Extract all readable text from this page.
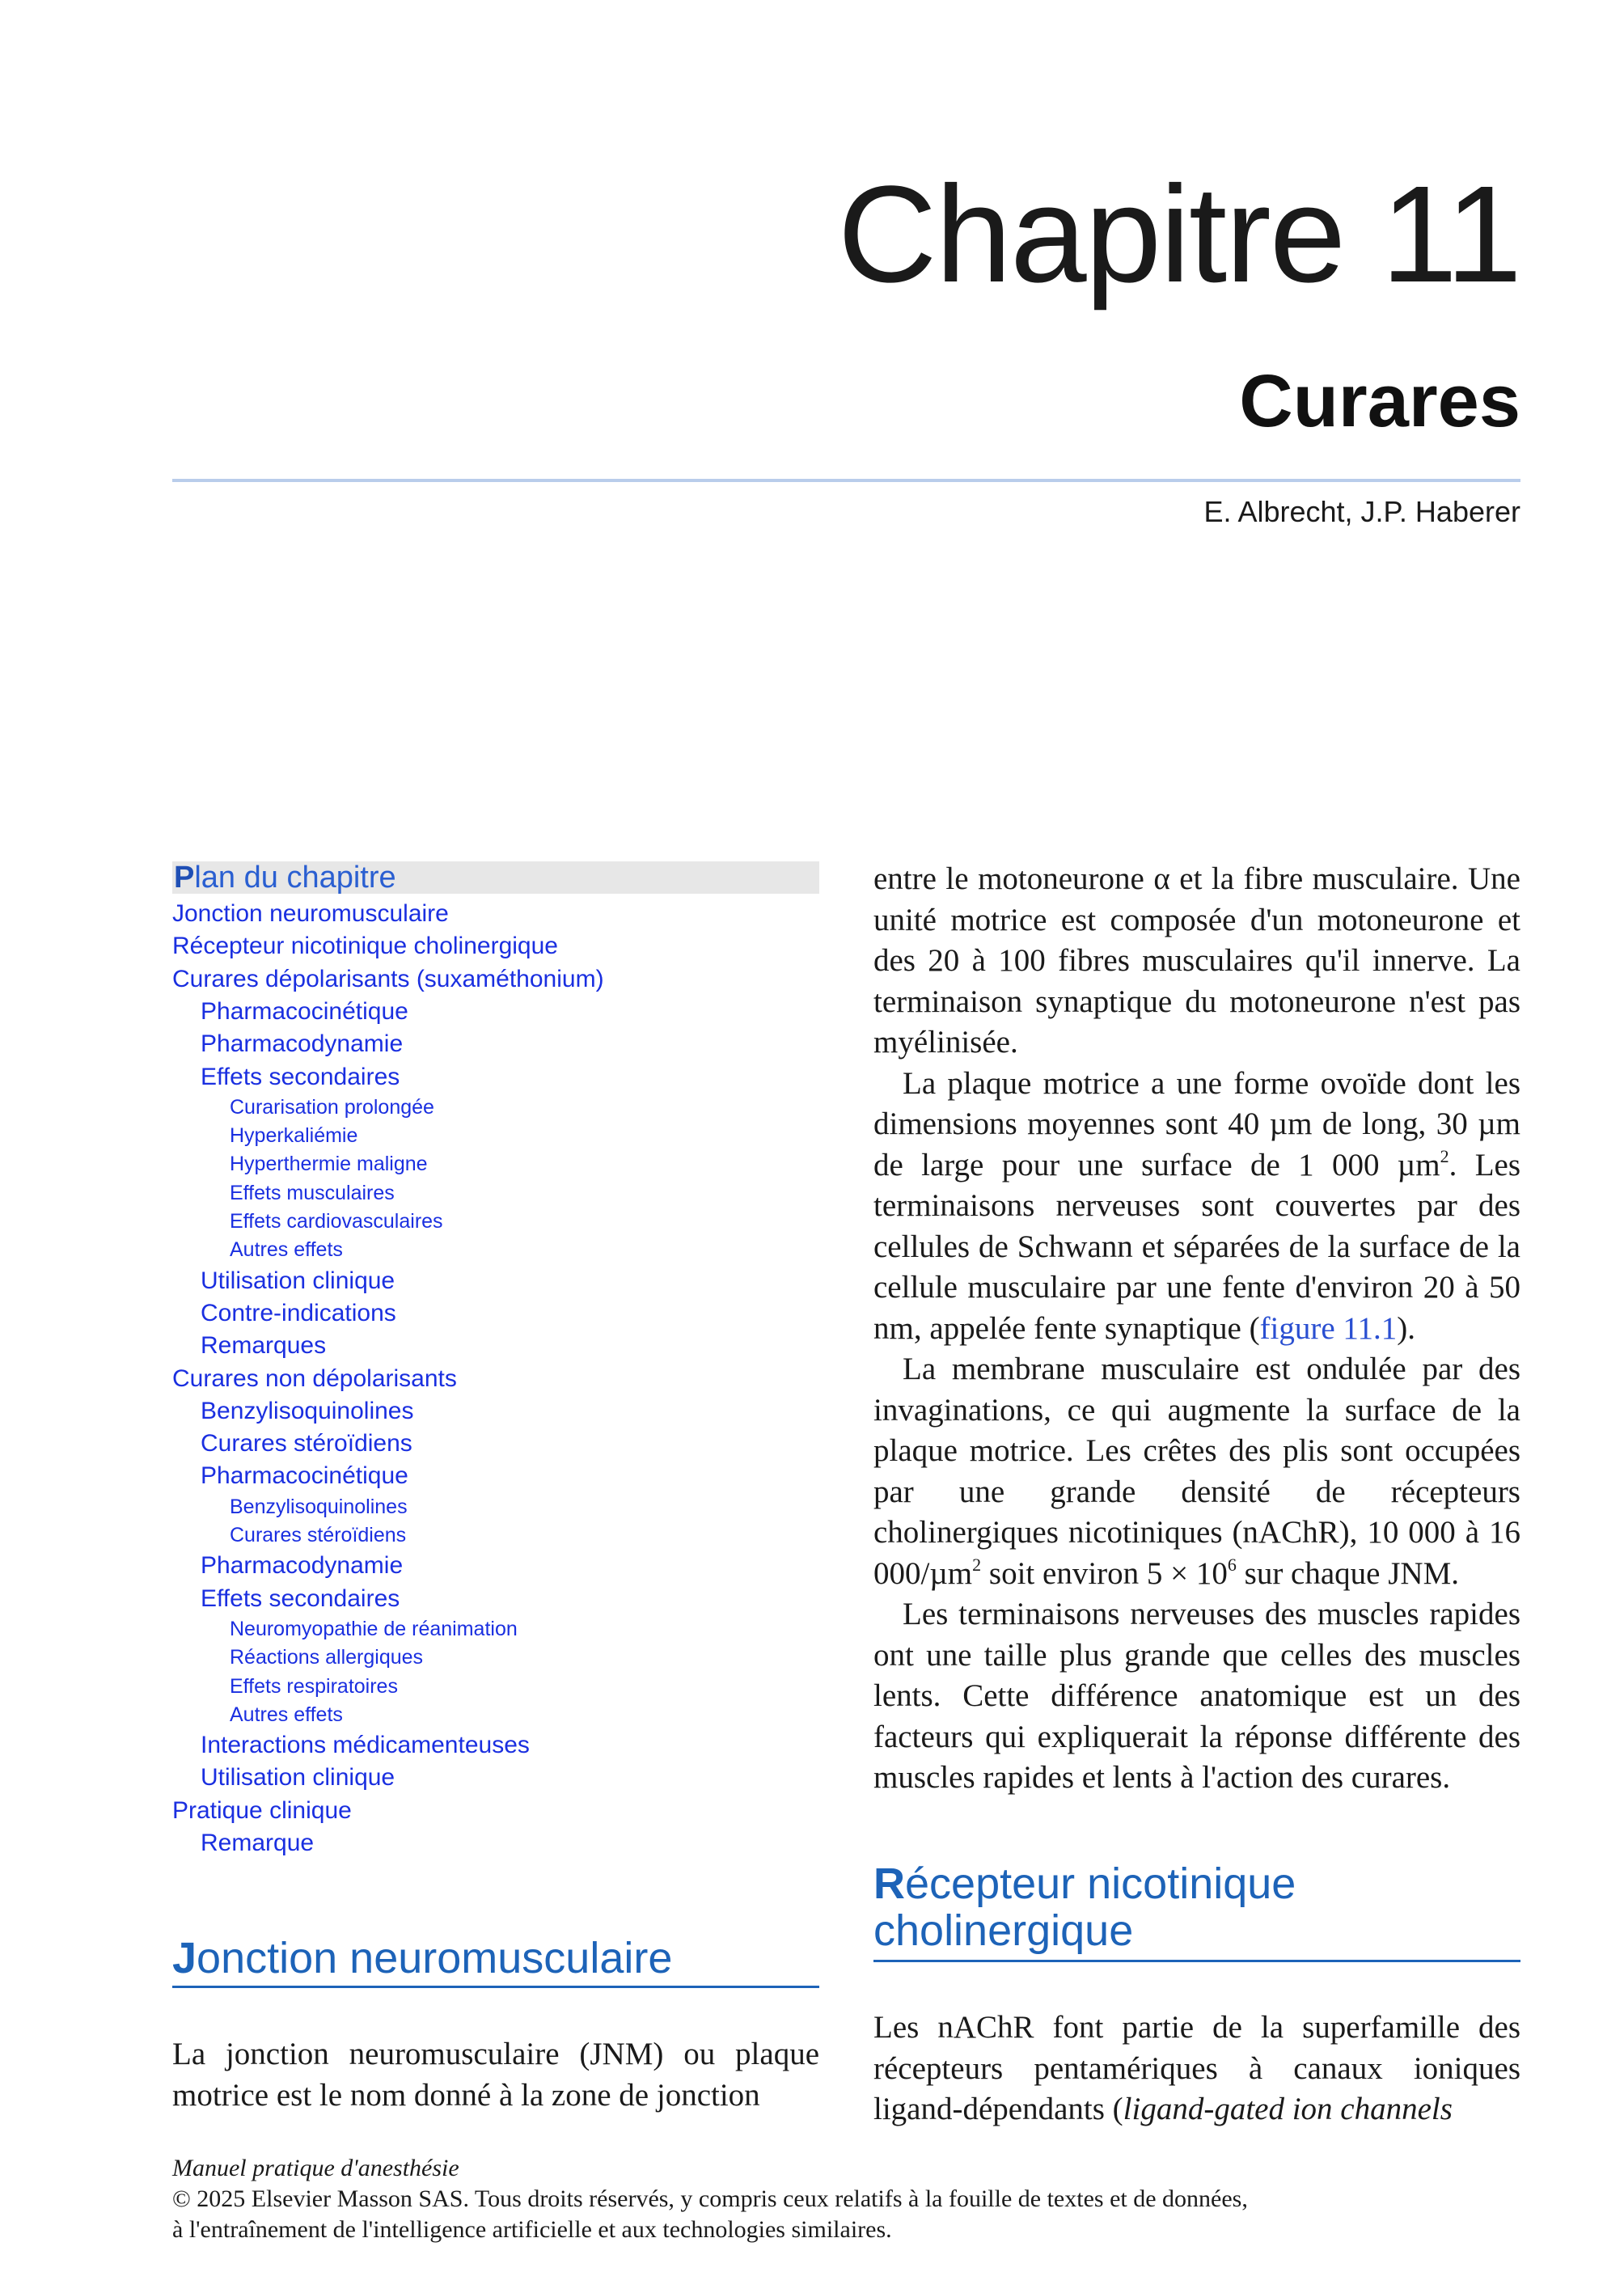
Chapitre 11
Curares
E. Albrecht, J.P. Haberer
Plan du chapitre
Jonction neuromusculaire
Récepteur nicotinique cholinergique
Curares dépolarisants (suxaméthonium)
Pharmacocinétique
Pharmacodynamie
Effets secondaires
Curarisation prolongée
Hyperkaliémie
Hyperthermie maligne
Effets musculaires
Effets cardiovasculaires
Autres effets
Utilisation clinique
Contre-indications
Remarques
Curares non dépolarisants
Benzylisoquinolines
Curares stéroïdiens
Pharmacocinétique
Benzylisoquinolines
Curares stéroïdiens
Pharmacodynamie
Effets secondaires
Neuromyopathie de réanimation
Réactions allergiques
Effets respiratoires
Autres effets
Interactions médicamenteuses
Utilisation clinique
Pratique clinique
Remarque
Jonction neuromusculaire

La jonction neuromusculaire (JNM) ou plaque motrice est le nom donné à la zone de jonction

entre le motoneurone α et la fibre musculaire. Une unité motrice est composée d'un motoneurone et des 20 à 100 fibres musculaires qu'il innerve. La terminaison synaptique du motoneurone n'est pas myélinisée.

La plaque motrice a une forme ovoïde dont les dimensions moyennes sont 40 µm de long, 30 µm de large pour une surface de 1 000 µm$^2$. Les terminaisons nerveuses sont couvertes par des cellules de Schwann et séparées de la surface de la cellule musculaire par une fente d'environ 20 à 50 nm, appelée fente synaptique (figure 11.1).

La membrane musculaire est ondulée par des invaginations, ce qui augmente la surface de la plaque motrice. Les crêtes des plis sont occupées par une grande densité de récepteurs cholinergiques nicotiniques (nAChR), 10 000 à 16 000/µm$^2$ soit environ $5 \times 10^6$ sur chaque JNM.

Les terminaisons nerveuses des muscles rapides ont une taille plus grande que celles des muscles lents. Cette différence anatomique est un des facteurs qui expliquerait la réponse différente des muscles rapides et lents à l'action des curares.

Récepteur nicotinique
cholinergique

Les nAChR font partie de la superfamille des récepteurs pentamériques à canaux ioniques ligand-dépendants (ligand-gated ion channels

Manuel pratique d'anesthésie
© 2025 Elsevier Masson SAS. Tous droits réservés, y compris ceux relatifs à la fouille de textes et de données,
à l'entraînement de l'intelligence artificielle et aux technologies similaires.
